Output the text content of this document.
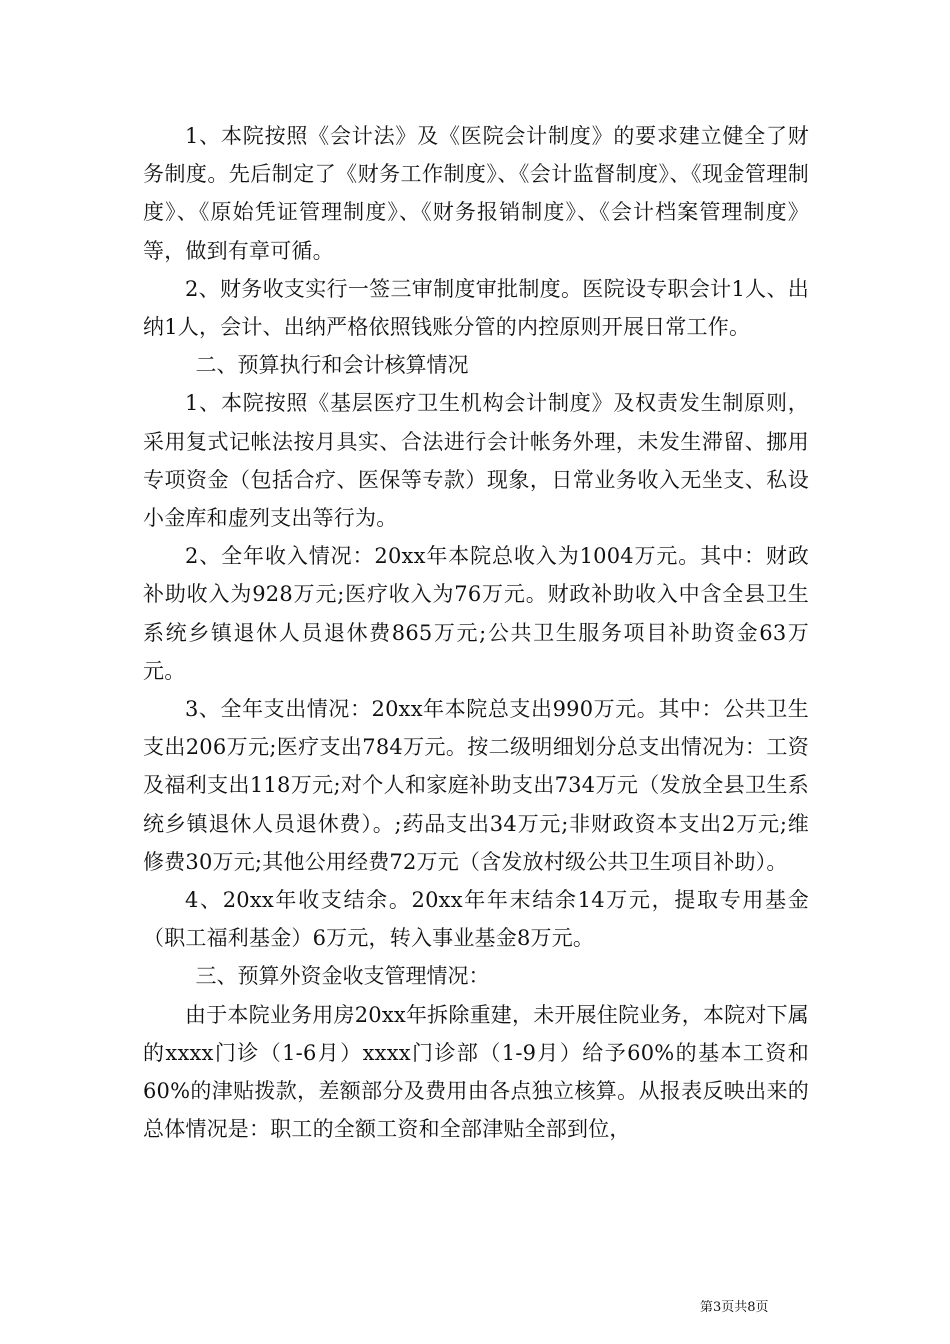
1、本院按照《会计法》及《医院会计制度》的要求建立健全了财务制度。先后制定了《财务工作制度》、《会计监督制度》、《现金管理制度》、《原始凭证管理制度》、《财务报销制度》、《会计档案管理制度》等，做到有章可循。

2、财务收支实行一签三审制度审批制度。医院设专职会计1人、出纳1人，会计、出纳严格依照钱账分管的内控原则开展日常工作。

二、预算执行和会计核算情况

1、本院按照《基层医疗卫生机构会计制度》及权责发生制原则，采用复式记帐法按月具实、合法进行会计帐务外理，未发生滞留、挪用专项资金（包括合疗、医保等专款）现象，日常业务收入无坐支、私设小金库和虚列支出等行为。

2、全年收入情况：20xx年本院总收入为1004万元。其中：财政补助收入为928万元;医疗收入为76万元。财政补助收入中含全县卫生系统乡镇退休人员退休费865万元;公共卫生服务项目补助资金63万元。

3、全年支出情况：20xx年本院总支出990万元。其中：公共卫生支出206万元;医疗支出784万元。按二级明细划分总支出情况为：工资及福利支出118万元;对个人和家庭补助支出734万元（发放全县卫生系统乡镇退休人员退休费）。;药品支出34万元;非财政资本支出2万元;维修费30万元;其他公用经费72万元（含发放村级公共卫生项目补助）。

4、20xx年收支结余。20xx年年末结余14万元，提取专用基金（职工福利基金）6万元，转入事业基金8万元。

三、预算外资金收支管理情况：

由于本院业务用房20xx年拆除重建，未开展住院业务，本院对下属的xxxx门诊（1-6月）xxxx门诊部（1-9月）给予60%的基本工资和60%的津贴拨款，差额部分及费用由各点独立核算。从报表反映出来的总体情况是：职工的全额工资和全部津贴全部到位，

第3页共8页
